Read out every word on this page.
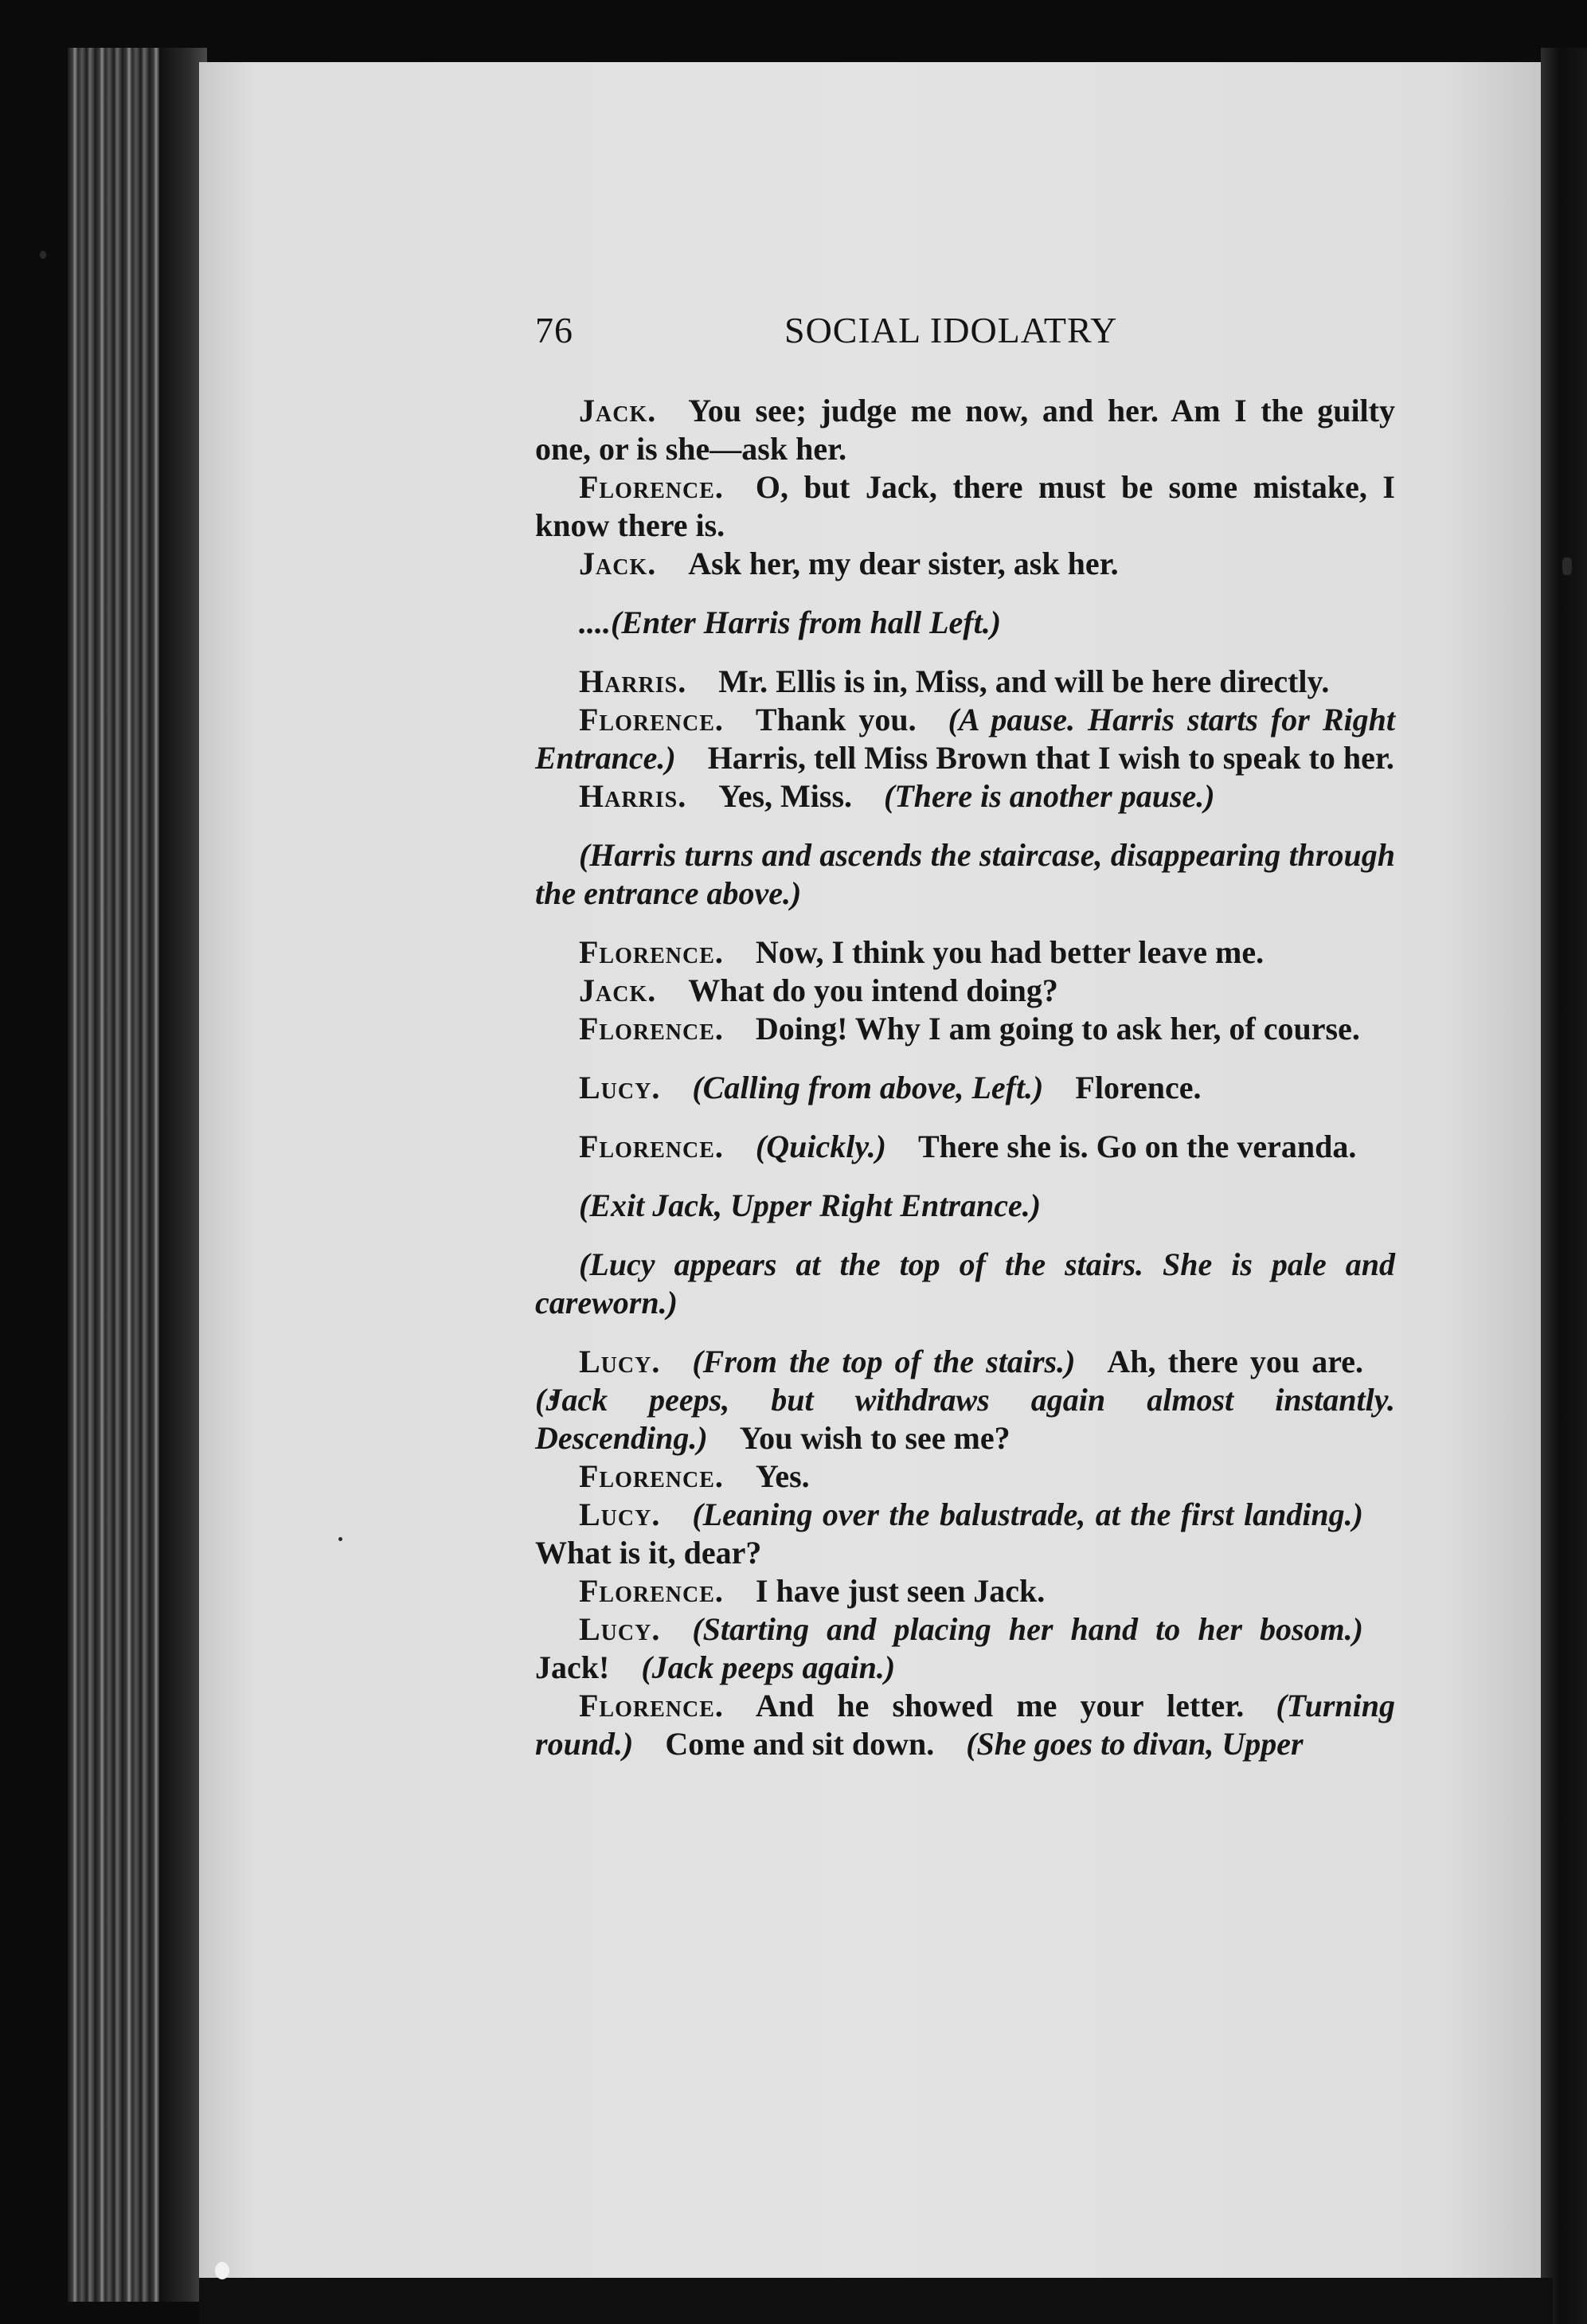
76	SOCIAL IDOLATRY

Jack.  You see; judge me now, and her. Am I the guilty one, or is she—ask her.

Florence.  O, but Jack, there must be some mistake, I know there is.

Jack.  Ask her, my dear sister, ask her.

....(Enter Harris from hall Left.)

Harris.  Mr. Ellis is in, Miss, and will be here directly.

Florence.  Thank you.  (A pause. Harris starts for Right Entrance.)  Harris, tell Miss Brown that I wish to speak to her.

Harris.  Yes, Miss.  (There is another pause.)

(Harris turns and ascends the staircase, disappearing through the entrance above.)

Florence.  Now, I think you had better leave me.

Jack.  What do you intend doing?

Florence.  Doing! Why I am going to ask her, of course.

Lucy.  (Calling from above, Left.)  Florence.

Florence.  (Quickly.)  There she is. Go on the veranda.

(Exit Jack, Upper Right Entrance.)

(Lucy appears at the top of the stairs. She is pale and careworn.)

Lucy.  (From the top of the stairs.)  Ah, there you are. (Jack peeps, but withdraws again almost instantly. Descending.)  You wish to see me?

Florence.  Yes.

Lucy.  (Leaning over the balustrade, at the first landing.) What is it, dear?

Florence.  I have just seen Jack.

Lucy.  (Starting and placing her hand to her bosom.) Jack!  (Jack peeps again.)

Florence.  And he showed me your letter.  (Turning round.)  Come and sit down.  (She goes to divan, Upper
